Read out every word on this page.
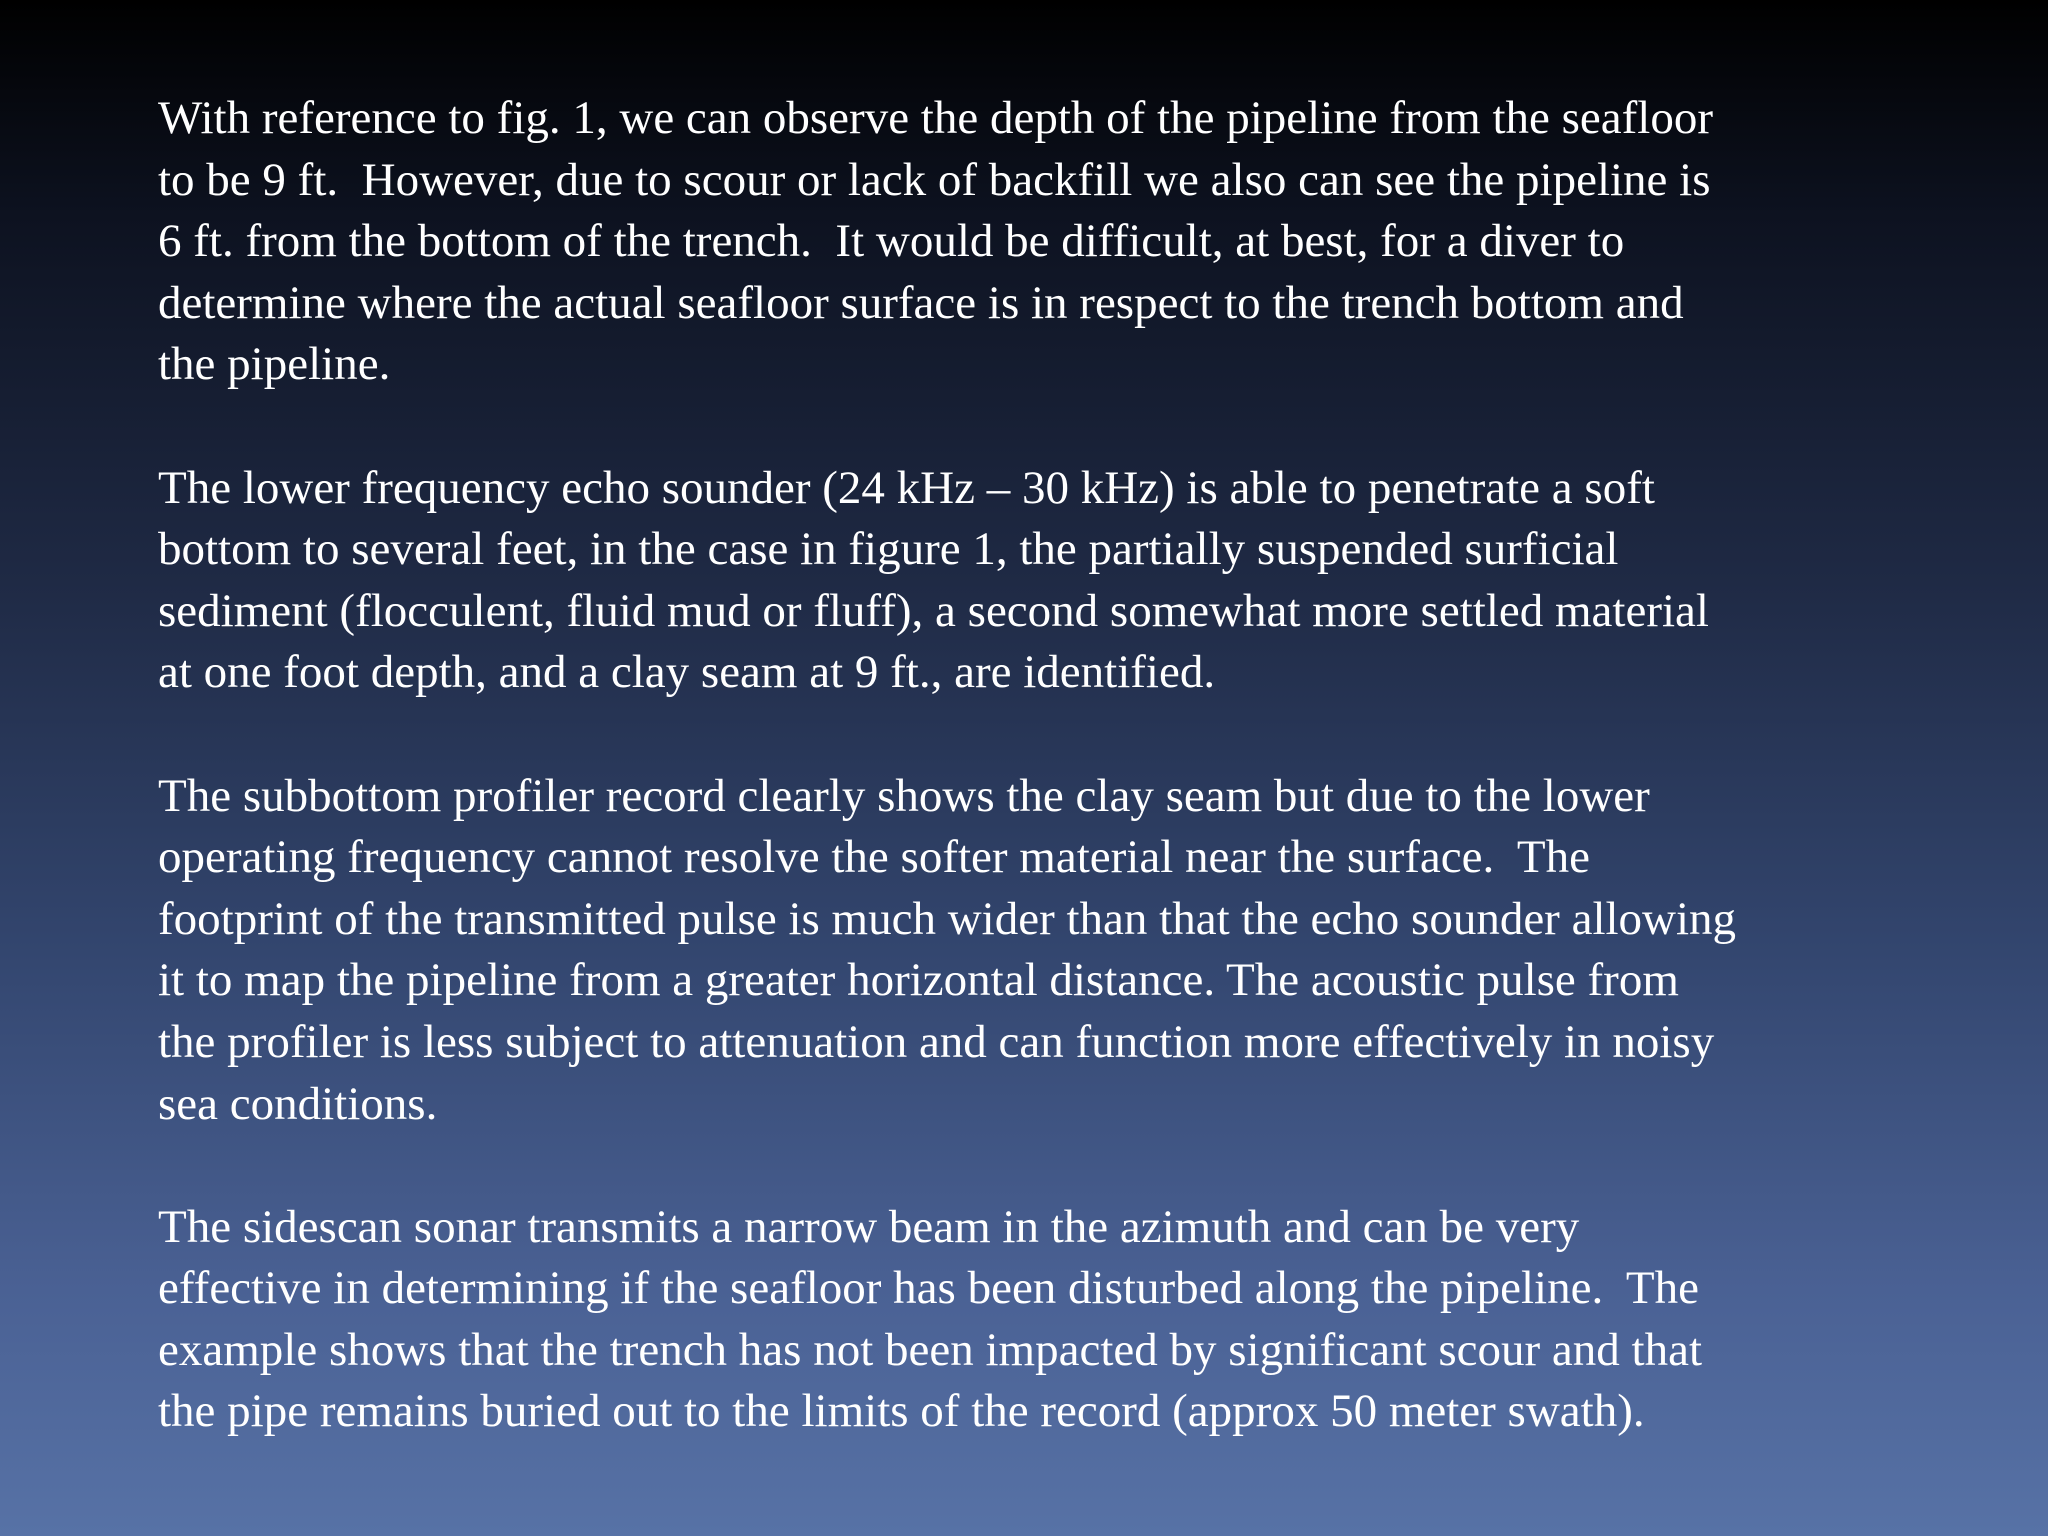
With reference to fig. 1, we can observe the depth of the pipeline from the seafloor
to be 9 ft.  However, due to scour or lack of backfill we also can see the pipeline is
6 ft. from the bottom of the trench.  It would be difficult, at best, for a diver to
determine where the actual seafloor surface is in respect to the trench bottom and
the pipeline.
The lower frequency echo sounder (24 kHz – 30 kHz) is able to penetrate a soft
bottom to several feet, in the case in figure 1, the partially suspended surficial
sediment (flocculent, fluid mud or fluff), a second somewhat more settled material
at one foot depth, and a clay seam at 9 ft., are identified.
The subbottom profiler record clearly shows the clay seam but due to the lower
operating frequency cannot resolve the softer material near the surface.  The
footprint of the transmitted pulse is much wider than that the echo sounder allowing
it to map the pipeline from a greater horizontal distance. The acoustic pulse from
the profiler is less subject to attenuation and can function more effectively in noisy
sea conditions.
The sidescan sonar transmits a narrow beam in the azimuth and can be very
effective in determining if the seafloor has been disturbed along the pipeline.  The
example shows that the trench has not been impacted by significant scour and that
the pipe remains buried out to the limits of the record (approx 50 meter swath).
